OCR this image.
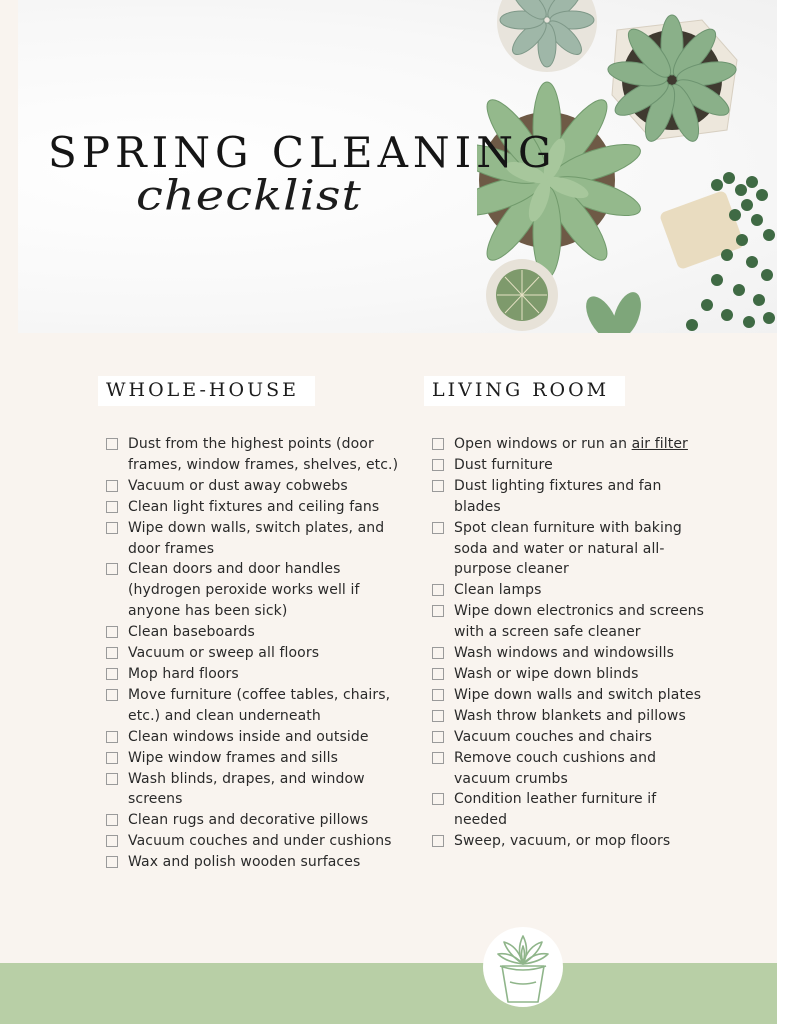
SPRING CLEANING
checklist
WHOLE-HOUSE
Dust from the highest points (door
frames, window frames, shelves, etc.)
Vacuum or dust away cobwebs
Clean light fixtures and ceiling fans
Wipe down walls, switch plates, and
door frames
Clean doors and door handles
(hydrogen peroxide works well if
anyone has been sick)
Clean baseboards
Vacuum or sweep all floors
Mop hard floors
Move furniture (coffee tables, chairs,
etc.) and clean underneath
Clean windows inside and outside
Wipe window frames and sills
Wash blinds, drapes, and window
screens
Clean rugs and decorative pillows
Vacuum couches and under cushions
Wax and polish wooden surfaces
LIVING ROOM
Open windows or run an air filter
Dust furniture
Dust lighting fixtures and fan
blades
Spot clean furniture with baking
soda and water or natural all-
purpose cleaner
Clean lamps
Wipe down electronics and screens
with a screen safe cleaner
Wash windows and windowsills
Wash or wipe down blinds
Wipe down walls and switch plates
Wash throw blankets and pillows
Vacuum couches and chairs
Remove couch cushions and
vacuum crumbs
Condition leather furniture if
needed
Sweep, vacuum, or mop floors
